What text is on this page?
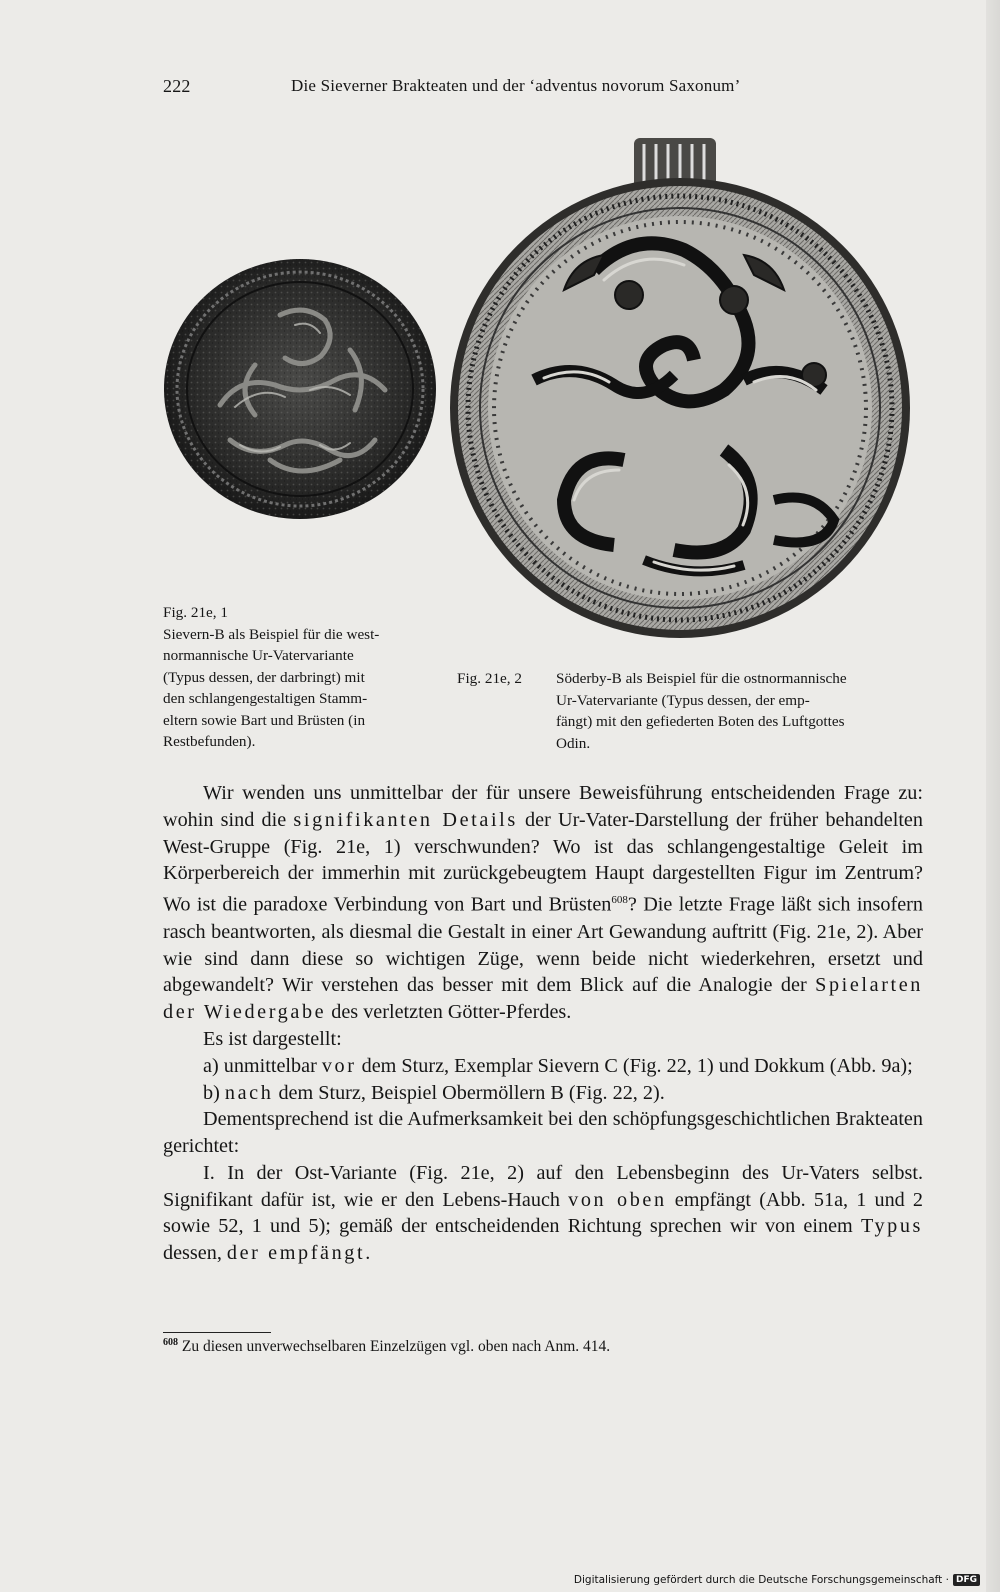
222	Die Sieverner Brakteaten und der ‘adventus novorum Saxonum’

Fig. 21e, 1

Sievern-B als Beispiel für die west-

normannische Ur-Vatervariante

(Typus dessen, der darbringt) mit

den schlangengestaltigen Stamm-

eltern sowie Bart und Brüsten (in

Restbefunden).

Fig. 21e, 2	Söderby-B als Beispiel für die ostnormannische

Ur-Vatervariante (Typus dessen, der emp-

fängt) mit den gefiederten Boten des Luftgottes

Odin.

Wir wenden uns unmittelbar der für unsere Beweisführung entscheidenden Frage zu: wohin sind die signifikanten Details der Ur-Vater-Darstellung der früher behandelten West-Gruppe (Fig. 21e, 1) verschwunden? Wo ist das schlangengestaltige Geleit im Körperbereich der immerhin mit zurückgebeugtem Haupt dargestellten Figur im Zentrum? Wo ist die paradoxe Verbindung von Bart und Brüsten$^{608}$? Die letzte Frage läßt sich insofern rasch beantworten, als diesmal die Gestalt in einer Art Gewandung auftritt (Fig. 21e, 2). Aber wie sind dann diese so wichtigen Züge, wenn beide nicht wiederkehren, ersetzt und abgewandelt? Wir verstehen das besser mit dem Blick auf die Analogie der Spielarten der Wiedergabe des verletzten Götter-Pferdes.

Es ist dargestellt:

a) unmittelbar vor dem Sturz, Exemplar Sievern C (Fig. 22, 1) und Dokkum (Abb. 9a);

b) nach dem Sturz, Beispiel Obermöllern B (Fig. 22, 2).

Dementsprechend ist die Aufmerksamkeit bei den schöpfungsgeschichtlichen Brakteaten gerichtet:

I. In der Ost-Variante (Fig. 21e, 2) auf den Lebensbeginn des Ur-Vaters selbst. Signifikant dafür ist, wie er den Lebens-Hauch von oben empfängt (Abb. 51a, 1 und 2 sowie 52, 1 und 5); gemäß der entscheidenden Richtung sprechen wir von einem Typus dessen, der empfängt.

$^{608}$ Zu diesen unverwechselbaren Einzelzügen vgl. oben nach Anm. 414.
Digitalisierung gefördert durch die Deutsche Forschungsgemeinschaft · DFG
